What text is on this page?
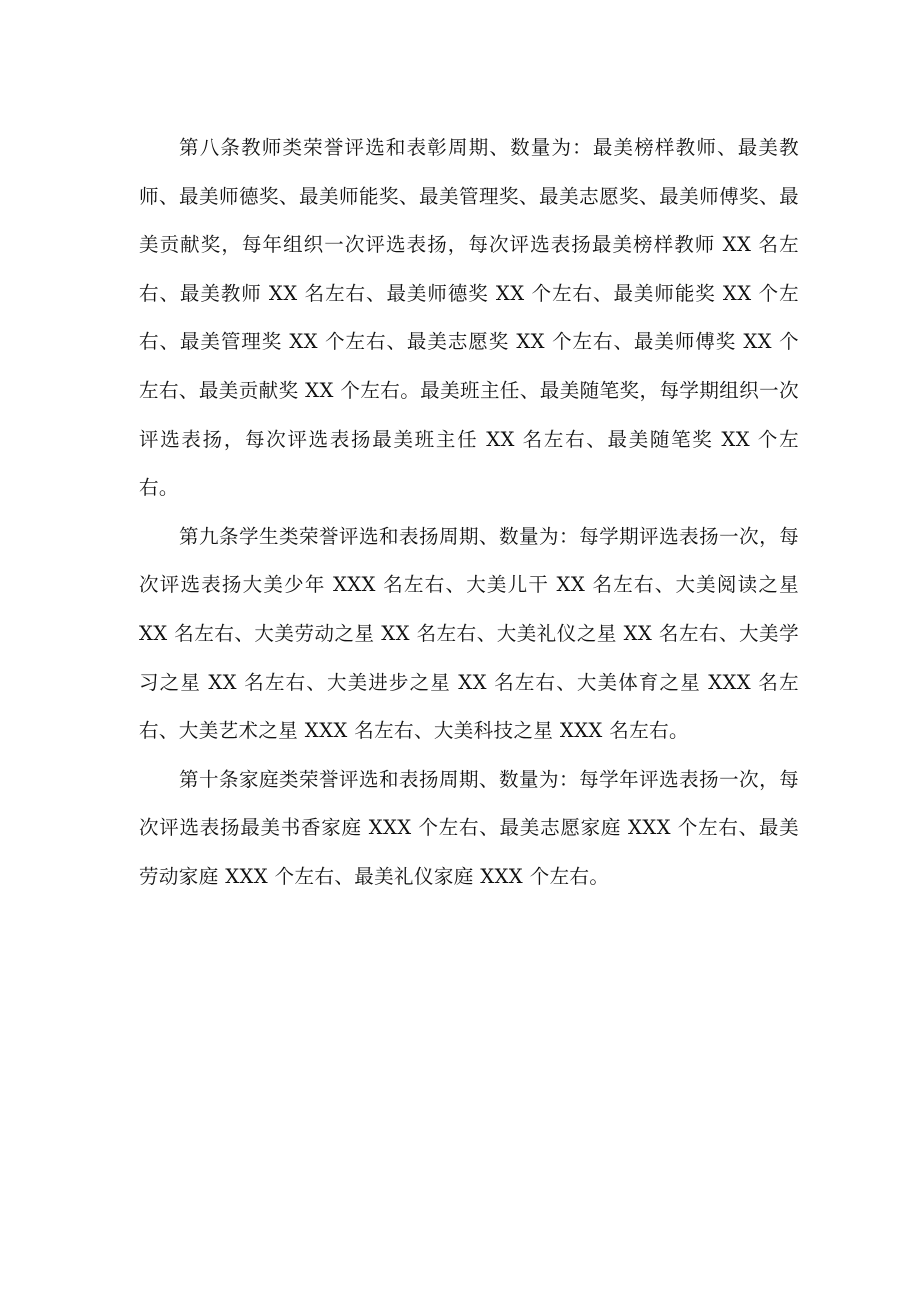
第八条教师类荣誉评选和表彰周期、数量为：最美榜样教师、最美教师、最美师德奖、最美师能奖、最美管理奖、最美志愿奖、最美师傅奖、最美贡献奖，每年组织一次评选表扬，每次评选表扬最美榜样教师 XX 名左右、最美教师 XX 名左右、最美师德奖 XX 个左右、最美师能奖 XX 个左右、最美管理奖 XX 个左右、最美志愿奖 XX 个左右、最美师傅奖 XX 个左右、最美贡献奖 XX 个左右。最美班主任、最美随笔奖，每学期组织一次评选表扬，每次评选表扬最美班主任 XX 名左右、最美随笔奖 XX 个左右。

第九条学生类荣誉评选和表扬周期、数量为：每学期评选表扬一次，每次评选表扬大美少年 XXX 名左右、大美儿干 XX 名左右、大美阅读之星 XX 名左右、大美劳动之星 XX 名左右、大美礼仪之星 XX 名左右、大美学习之星 XX 名左右、大美进步之星 XX 名左右、大美体育之星 XXX 名左右、大美艺术之星 XXX 名左右、大美科技之星 XXX 名左右。

第十条家庭类荣誉评选和表扬周期、数量为：每学年评选表扬一次，每次评选表扬最美书香家庭 XXX 个左右、最美志愿家庭 XXX 个左右、最美劳动家庭 XXX 个左右、最美礼仪家庭 XXX 个左右。
